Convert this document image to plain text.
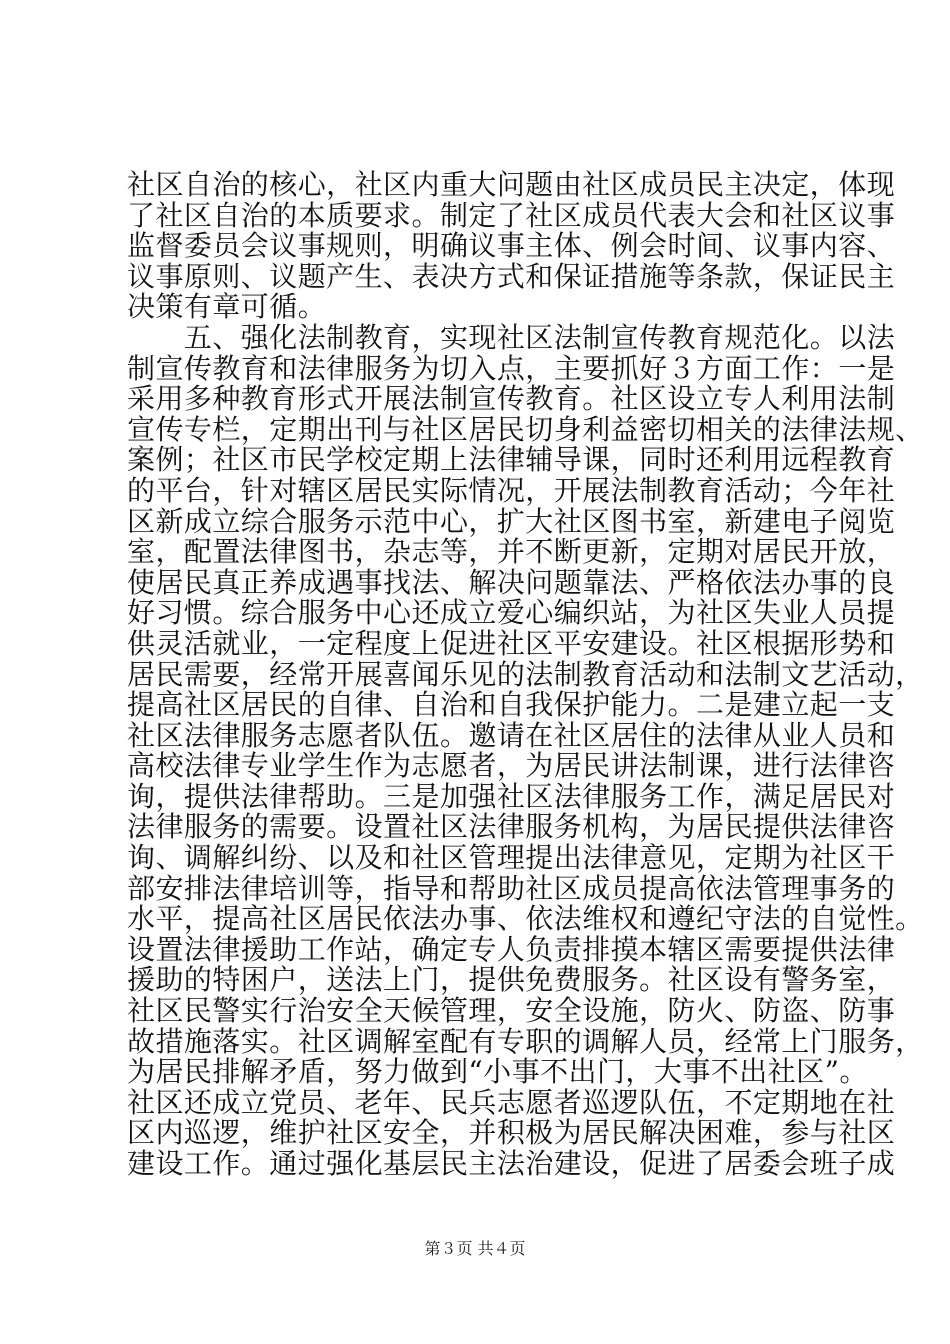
社区自治的核心，社区内重大问题由社区成员民主决定，体现
了社区自治的本质要求。制定了社区成员代表大会和社区议事
监督委员会议事规则，明确议事主体、例会时间、议事内容、
议事原则、议题产生、表决方式和保证措施等条款，保证民主
决策有章可循。
　　五、强化法制教育，实现社区法制宣传教育规范化。以法
制宣传教育和法律服务为切入点，主要抓好３方面工作：一是
采用多种教育形式开展法制宣传教育。社区设立专人利用法制
宣传专栏，定期出刊与社区居民切身利益密切相关的法律法规、
案例；社区市民学校定期上法律辅导课，同时还利用远程教育
的平台，针对辖区居民实际情况，开展法制教育活动；今年社
区新成立综合服务示范中心，扩大社区图书室，新建电子阅览
室，配置法律图书，杂志等，并不断更新，定期对居民开放，
使居民真正养成遇事找法、解决问题靠法、严格依法办事的良
好习惯。综合服务中心还成立爱心编织站，为社区失业人员提
供灵活就业，一定程度上促进社区平安建设。社区根据形势和
居民需要，经常开展喜闻乐见的法制教育活动和法制文艺活动，
提高社区居民的自律、自治和自我保护能力。二是建立起一支
社区法律服务志愿者队伍。邀请在社区居住的法律从业人员和
高校法律专业学生作为志愿者，为居民讲法制课，进行法律咨
询，提供法律帮助。三是加强社区法律服务工作，满足居民对
法律服务的需要。设置社区法律服务机构，为居民提供法律咨
询、调解纠纷、以及和社区管理提出法律意见，定期为社区干
部安排法律培训等，指导和帮助社区成员提高依法管理事务的
水平，提高社区居民依法办事、依法维权和遵纪守法的自觉性。
设置法律援助工作站，确定专人负责排摸本辖区需要提供法律
援助的特困户，送法上门，提供免费服务。社区设有警务室，
社区民警实行治安全天候管理，安全设施，防火、防盗、防事
故措施落实。社区调解室配有专职的调解人员，经常上门服务，
为居民排解矛盾，努力做到“小事不出门，大事不出社区”。
社区还成立党员、老年、民兵志愿者巡逻队伍，不定期地在社
区内巡逻，维护社区安全，并积极为居民解决困难，参与社区
建设工作。通过强化基层民主法治建设，促进了居委会班子成
第３页 共４页
